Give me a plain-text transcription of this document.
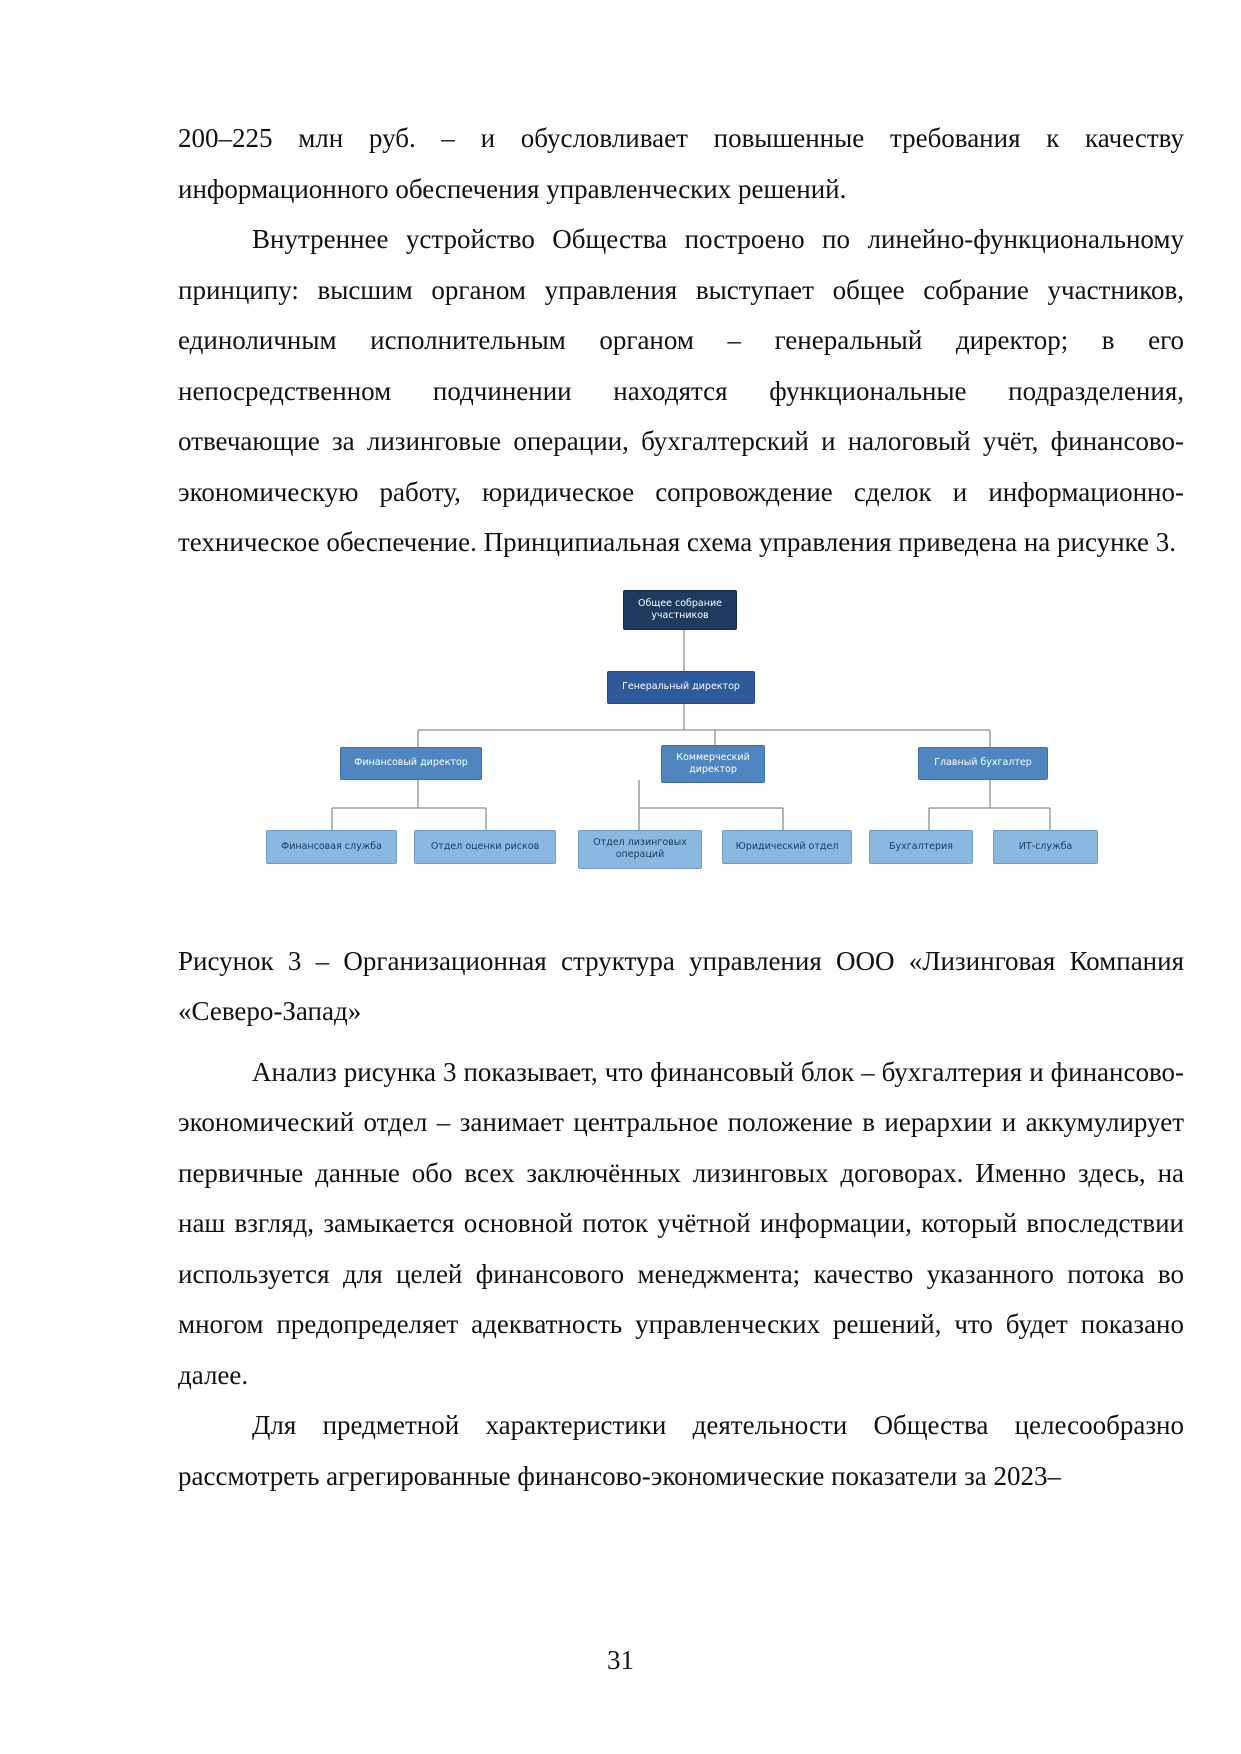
200–225 млн руб. – и обусловливает повышенные требования к качеству информационного обеспечения управленческих решений.

Внутреннее устройство Общества построено по линейно-функциональному принципу: высшим органом управления выступает общее собрание участников, единоличным исполнительным органом – генеральный директор; в его непосредственном подчинении находятся функциональные подразделения, отвечающие за лизинговые операции, бухгалтерский и налоговый учёт, финансово-экономическую работу, юридическое сопровождение сделок и информационно-техническое обеспечение. Принципиальная схема управления приведена на рисунке 3.

Общее собрание участников
Генеральный директор
Финансовый директор	Коммерческий директор
Главный бухгалтер
Финансовая служба	Отдел оценки рисков	Отдел лизинговых операций
Юридический отдел	Бухгалтерия	ИТ-служба

Рисунок 3 – Организационная структура управления ООО «Лизинговая Компания «Северо-Запад»

Анализ рисунка 3 показывает, что финансовый блок – бухгалтерия и финансово-экономический отдел – занимает центральное положение в иерархии и аккумулирует первичные данные обо всех заключённых лизинговых договорах. Именно здесь, на наш взгляд, замыкается основной поток учётной информации, который впоследствии используется для целей финансового менеджмента; качество указанного потока во многом предопределяет адекватность управленческих решений, что будет показано далее.

Для предметной характеристики деятельности Общества целесообразно рассмотреть агрегированные финансово-экономические показатели за 2023–

31
